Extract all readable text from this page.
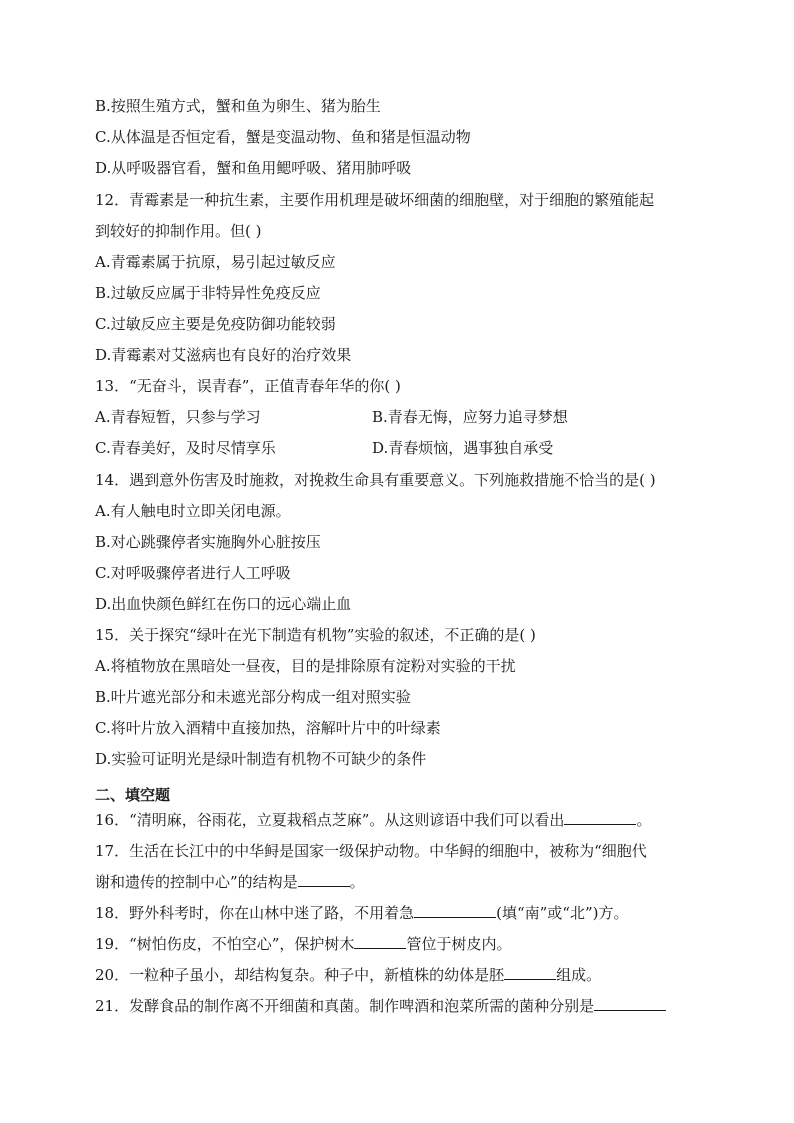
B.按照生殖方式，蟹和鱼为卵生、猪为胎生
C.从体温是否恒定看，蟹是变温动物、鱼和猪是恒温动物
D.从呼吸器官看，蟹和鱼用鳃呼吸、猪用肺呼吸
12．青霉素是一种抗生素，主要作用机理是破坏细菌的细胞壁，对于细胞的繁殖能起
到较好的抑制作用。但( )
A.青霉素属于抗原，易引起过敏反应
B.过敏反应属于非特异性免疫反应
C.过敏反应主要是免疫防御功能较弱
D.青霉素对艾滋病也有良好的治疗效果
13．“无奋斗，误青春”，正值青春年华的你( )
A.青春短暂，只参与学习	B.青春无悔，应努力追寻梦想
C.青春美好，及时尽情享乐	D.青春烦恼，遇事独自承受
14．遇到意外伤害及时施救，对挽救生命具有重要意义。下列施救措施不恰当的是( )
A.有人触电时立即关闭电源。
B.对心跳骤停者实施胸外心脏按压
C.对呼吸骤停者进行人工呼吸
D.出血快颜色鲜红在伤口的远心端止血
15．关于探究“绿叶在光下制造有机物”实验的叙述，不正确的是( )
A.将植物放在黑暗处一昼夜，目的是排除原有淀粉对实验的干扰
B.叶片遮光部分和未遮光部分构成一组对照实验
C.将叶片放入酒精中直接加热，溶解叶片中的叶绿素
D.实验可证明光是绿叶制造有机物不可缺少的条件
二、填空题
16．“清明麻，谷雨花，立夏栽稻点芝麻”。从这则谚语中我们可以看出	。
17．生活在长江中的中华鲟是国家一级保护动物。中华鲟的细胞中，被称为“细胞代
谢和遗传的控制中心”的结构是	。
18．野外科考时，你在山林中迷了路，不用着急	(填“南”或“北”)方。
19．“树怕伤皮，不怕空心”，保护树木	管位于树皮内。
20．一粒种子虽小，却结构复杂。种子中，新植株的幼体是胚	组成。
21．发酵食品的制作离不开细菌和真菌。制作啤酒和泡菜所需的菌种分别是
